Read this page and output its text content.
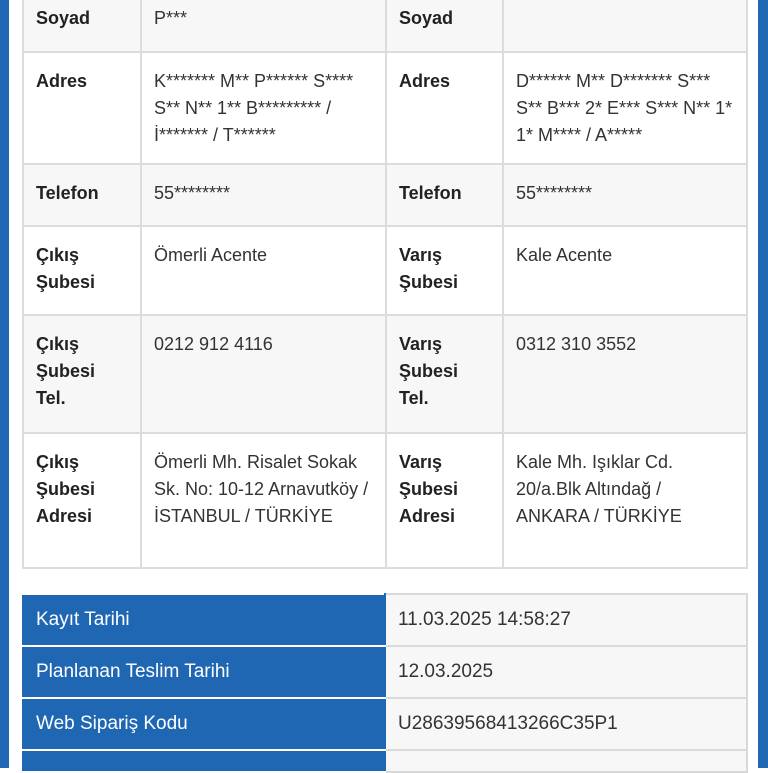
Soyad	P***	Soyad	
Adres	K******* M** P****** S**** S** N** 1** B********* / İ******* / T******	Adres	D****** M** D******* S*** S** B*** 2* E*** S*** N** 1* 1* M**** / A*****
Telefon	55********	Telefon	55********
Çıkış Şubesi	Ömerli Acente	Varış Şubesi	Kale Acente
Çıkış Şubesi Tel.	0212 912 4116	Varış Şubesi Tel.	0312 310 3552
Çıkış Şubesi Adresi	Ömerli Mh. Risalet Sokak Sk. No: 10-12 Arnavutköy / İSTANBUL / TÜRKİYE	Varış Şubesi Adresi	Kale Mh. Işıklar Cd. 20/a.Blk Altındağ / ANKARA / TÜRKİYE
Kayıt Tarihi	11.03.2025 14:58:27
Planlanan Teslim Tarihi	12.03.2025
Web Sipariş Kodu	U28639568413266C35P1
